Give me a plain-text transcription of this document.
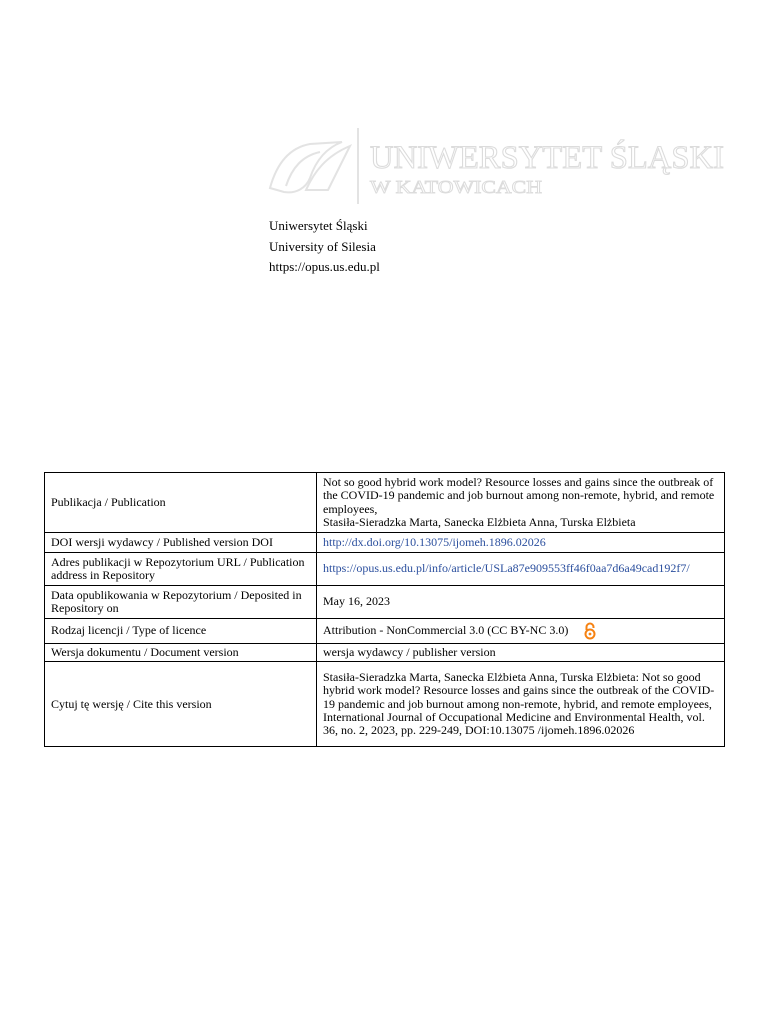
UNIWERSYTET ŚLĄSKI
W KATOWICACH
Uniwersytet Śląski
University of Silesia
https://opus.us.edu.pl
Publikacja / Publication	Not so good hybrid work model? Resource losses and gains since the outbreak of the COVID-19 pandemic and job burnout among non-remote, hybrid, and remote employees,
Stasiła-Sieradzka Marta, Sanecka Elżbieta Anna, Turska Elżbieta

DOI wersji wydawcy / Published version DOI	http://dx.doi.org/10.13075/ijomeh.1896.02026
Adres publikacji w Repozytorium URL / Publication address in Repository	https://opus.us.edu.pl/info/article/USLa87e909553ff46f0aa7d6a49cad192f7/
Data opublikowania w Repozytorium / Deposited in Repository on	May 16, 2023
Rodzaj licencji / Type of licence	Attribution - NonCommercial 3.0 (CC BY-NC 3.0)

Wersja dokumentu / Document version	wersja wydawcy / publisher version
Cytuj tę wersję / Cite this version	Stasiła-Sieradzka Marta, Sanecka Elżbieta Anna, Turska Elżbieta: Not so good hybrid work model? Resource losses and gains since the outbreak of the COVID-19 pandemic and job burnout among non-remote, hybrid, and remote employees, International Journal of Occupational Medicine and Environmental Health, vol. 36, no. 2, 2023, pp. 229-249, DOI:10.13075 /ijomeh.1896.02026
